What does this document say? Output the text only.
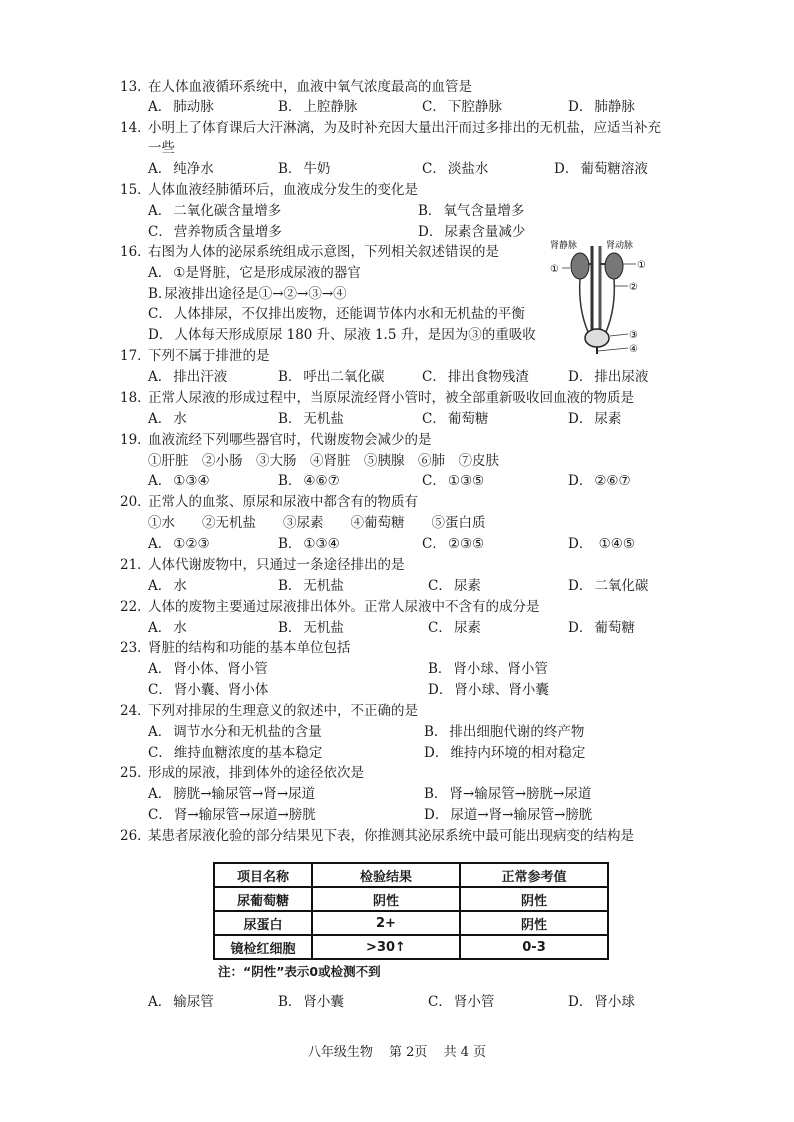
13．在人体血液循环系统中，血液中氧气浓度最高的血管是
A． 肺动脉	B． 上腔静脉	C． 下腔静脉	D． 肺静脉
14．小明上了体育课后大汗淋漓，为及时补充因大量出汗而过多排出的无机盐，应适当补充
一些
A． 纯净水	B． 牛奶	C． 淡盐水	D． 葡萄糖溶液
15．人体血液经肺循环后，血液成分发生的变化是
A． 二氧化碳含量增多	B． 氧气含量增多
C． 营养物质含量增多	D． 尿素含量减少
16．右图为人体的泌尿系统组成示意图，下列相关叙述错误的是
A． ①是肾脏，它是形成尿液的器官
B. 尿液排出途径是①→②→③→④
C． 人体排尿，不仅排出废物，还能调节体内水和无机盐的平衡
D． 人体每天形成原尿 180 升、尿液 1.5 升，是因为③的重吸收
肾静脉	肾动脉
①	①
②
③
④
17．下列不属于排泄的是
A． 排出汗液	B． 呼出二氧化碳	C． 排出食物残渣	D． 排出尿液
18．正常人尿液的形成过程中，当原尿流经肾小管时，被全部重新吸收回血液的物质是
A． 水	B． 无机盐	C． 葡萄糖	D． 尿素
19．血液流经下列哪些器官时，代谢废物会减少的是
①肝脏　②小肠　③大肠　④肾脏　⑤胰腺　⑥肺　⑦皮肤
A． ①③④	B． ④⑥⑦	C． ①③⑤	D． ②⑥⑦
20．正常人的血浆、原尿和尿液中都含有的物质有
①水　　②无机盐　　③尿素　　④葡萄糖　　⑤蛋白质
A． ①②③	B． ①③④	C． ②③⑤	D． ①④⑤
21．人体代谢废物中，只通过一条途径排出的是
A． 水	B． 无机盐	C． 尿素	D． 二氧化碳
22．人体的废物主要通过尿液排出体外。正常人尿液中不含有的成分是
A． 水	B． 无机盐	C． 尿素	D． 葡萄糖
23．肾脏的结构和功能的基本单位包括
A． 肾小体、肾小管	B． 肾小球、肾小管
C． 肾小囊、肾小体	D． 肾小球、肾小囊
24．下列对排尿的生理意义的叙述中，不正确的是
A． 调节水分和无机盐的含量	B． 排出细胞代谢的终产物
C． 维持血糖浓度的基本稳定	D． 维持内环境的相对稳定
25．形成的尿液，排到体外的途径依次是
A． 膀胱→输尿管→肾→尿道	B． 肾→输尿管→膀胱→尿道
C． 肾→输尿管→尿道→膀胱	D． 尿道→肾→输尿管→膀胱
26．某患者尿液化验的部分结果见下表，你推测其泌尿系统中最可能出现病变的结构是
项目名称	检验结果	正常参考值
尿葡萄糖	阴性	阴性
尿蛋白	2+	阴性
镜检红细胞	>30↑	0-3
注：“阴性”表示0或检测不到
A． 输尿管	B． 肾小囊	C． 肾小管	D． 肾小球
八年级生物 第 2页 共 4 页
